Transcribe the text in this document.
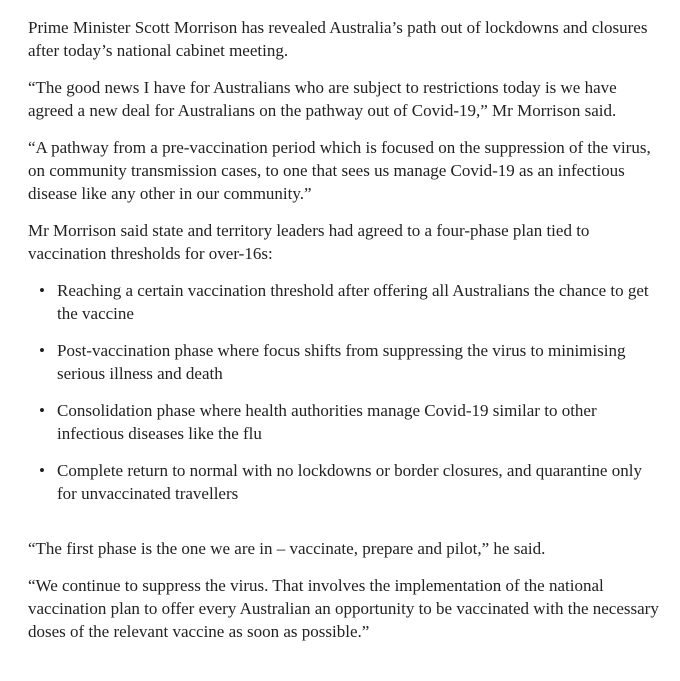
Prime Minister Scott Morrison has revealed Australia’s path out of lockdowns and closures after today’s national cabinet meeting.

“The good news I have for Australians who are subject to restrictions today is we have agreed a new deal for Australians on the pathway out of Covid-19,” Mr Morrison said.

“A pathway from a pre-vaccination period which is focused on the suppression of the virus, on community transmission cases, to one that sees us manage Covid-19 as an infectious disease like any other in our community.”

Mr Morrison said state and territory leaders had agreed to a four-phase plan tied to vaccination thresholds for over-16s:

• Reaching a certain vaccination threshold after offering all Australians the chance to get the vaccine
• Post-vaccination phase where focus shifts from suppressing the virus to minimising serious illness and death
• Consolidation phase where health authorities manage Covid-19 similar to other infectious diseases like the flu
• Complete return to normal with no lockdowns or border closures, and quarantine only for unvaccinated travellers

“The first phase is the one we are in – vaccinate, prepare and pilot,” he said.

“We continue to suppress the virus. That involves the implementation of the national vaccination plan to offer every Australian an opportunity to be vaccinated with the necessary doses of the relevant vaccine as soon as possible.”
